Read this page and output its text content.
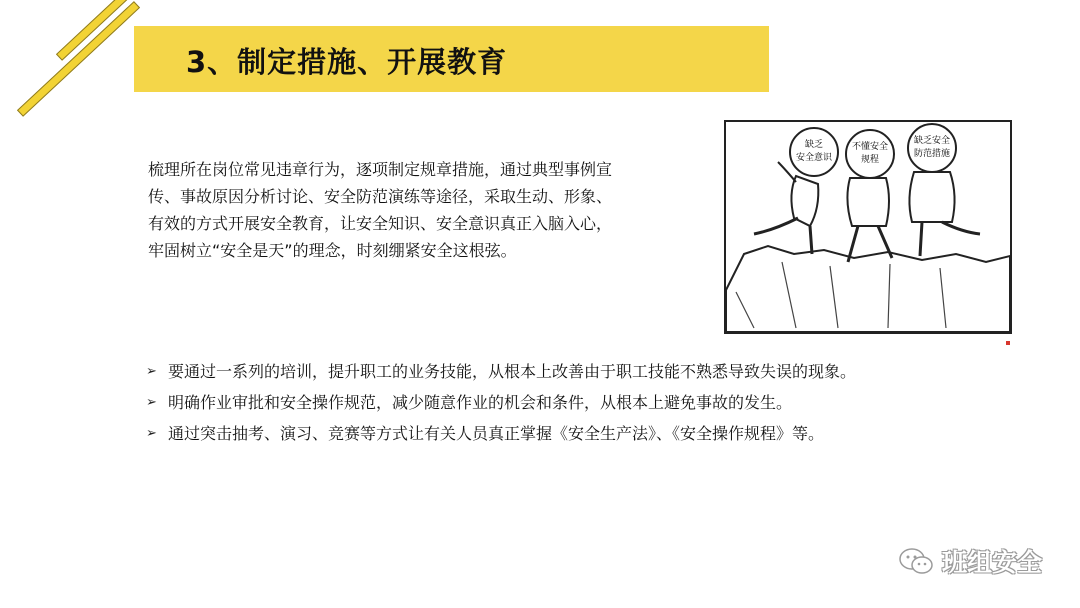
3、制定措施、开展教育
梳理所在岗位常见违章行为，逐项制定规章措施，通过典型事例宣
传、事故原因分析讨论、安全防范演练等途径，采取生动、形象、
有效的方式开展安全教育，让安全知识、安全意识真正入脑入心，
牢固树立“安全是天”的理念，时刻绷紧安全这根弦。
缺乏
安全意识
不懂安全
规程
缺乏安全
防范措施
➢ 要通过一系列的培训，提升职工的业务技能，从根本上改善由于职工技能不熟悉导致失误的现象。
➢ 明确作业审批和安全操作规范，减少随意作业的机会和条件，从根本上避免事故的发生。
➢ 通过突击抽考、演习、竞赛等方式让有关人员真正掌握《安全生产法》、《安全操作规程》等。
班组安全
